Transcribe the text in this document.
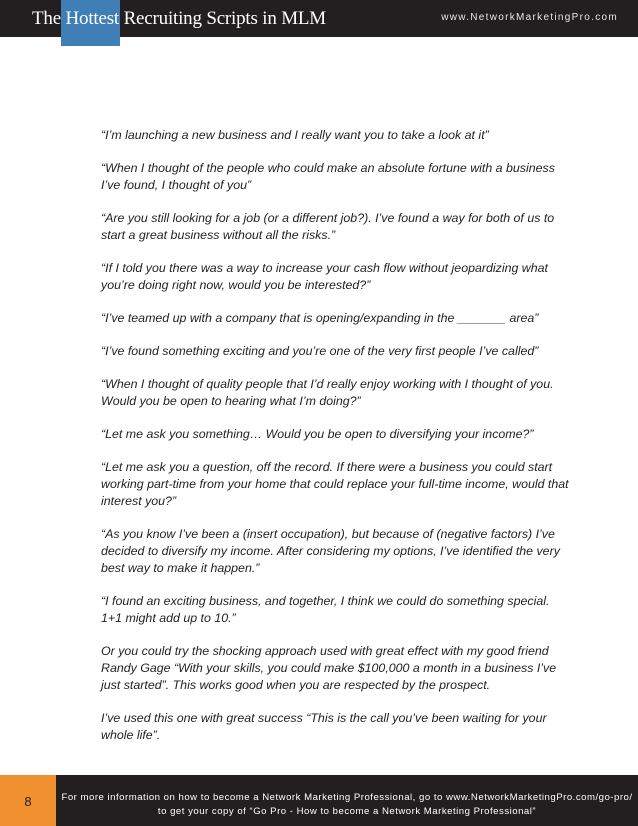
The Hottest Recruiting Scripts in MLM	www.NetworkMarketingPro.com

“I’m launching a new business and I really want you to take a look at it”

“When I thought of the people who could make an absolute fortune with a business I’ve found, I thought of you”

“Are you still looking for a job (or a different job?). I’ve found a way for both of us to start a great business without all the risks.”

“If I told you there was a way to increase your cash flow without jeopardizing what you’re doing right now, would you be interested?”

“I’ve teamed up with a company that is opening/expanding in the _______ area”

“I’ve found something exciting and you’re one of the very first people I’ve called”

“When I thought of quality people that I’d really enjoy working with I thought of you. Would you be open to hearing what I’m doing?”

“Let me ask you something… Would you be open to diversifying your income?”

“Let me ask you a question, off the record. If there were a business you could start working part-time from your home that could replace your full-time income, would that interest you?”

“As you know I’ve been a (insert occupation), but because of (negative factors) I’ve decided to diversify my income. After considering my options, I’ve identified the very best way to make it happen.”

“I found an exciting business, and together, I think we could do something special. 1+1 might add up to 10.”

Or you could try the shocking approach used with great effect with my good friend Randy Gage “With your skills, you could make $100,000 a month in a business I’ve just started”. This works good when you are respected by the prospect.

I’ve used this one with great success “This is the call you’ve been waiting for your whole life”.

8	For more information on how to become a Network Marketing Professional, go to www.NetworkMarketingPro.com/go-pro/
to get your copy of “Go Pro - How to become a Network Marketing Professional”
